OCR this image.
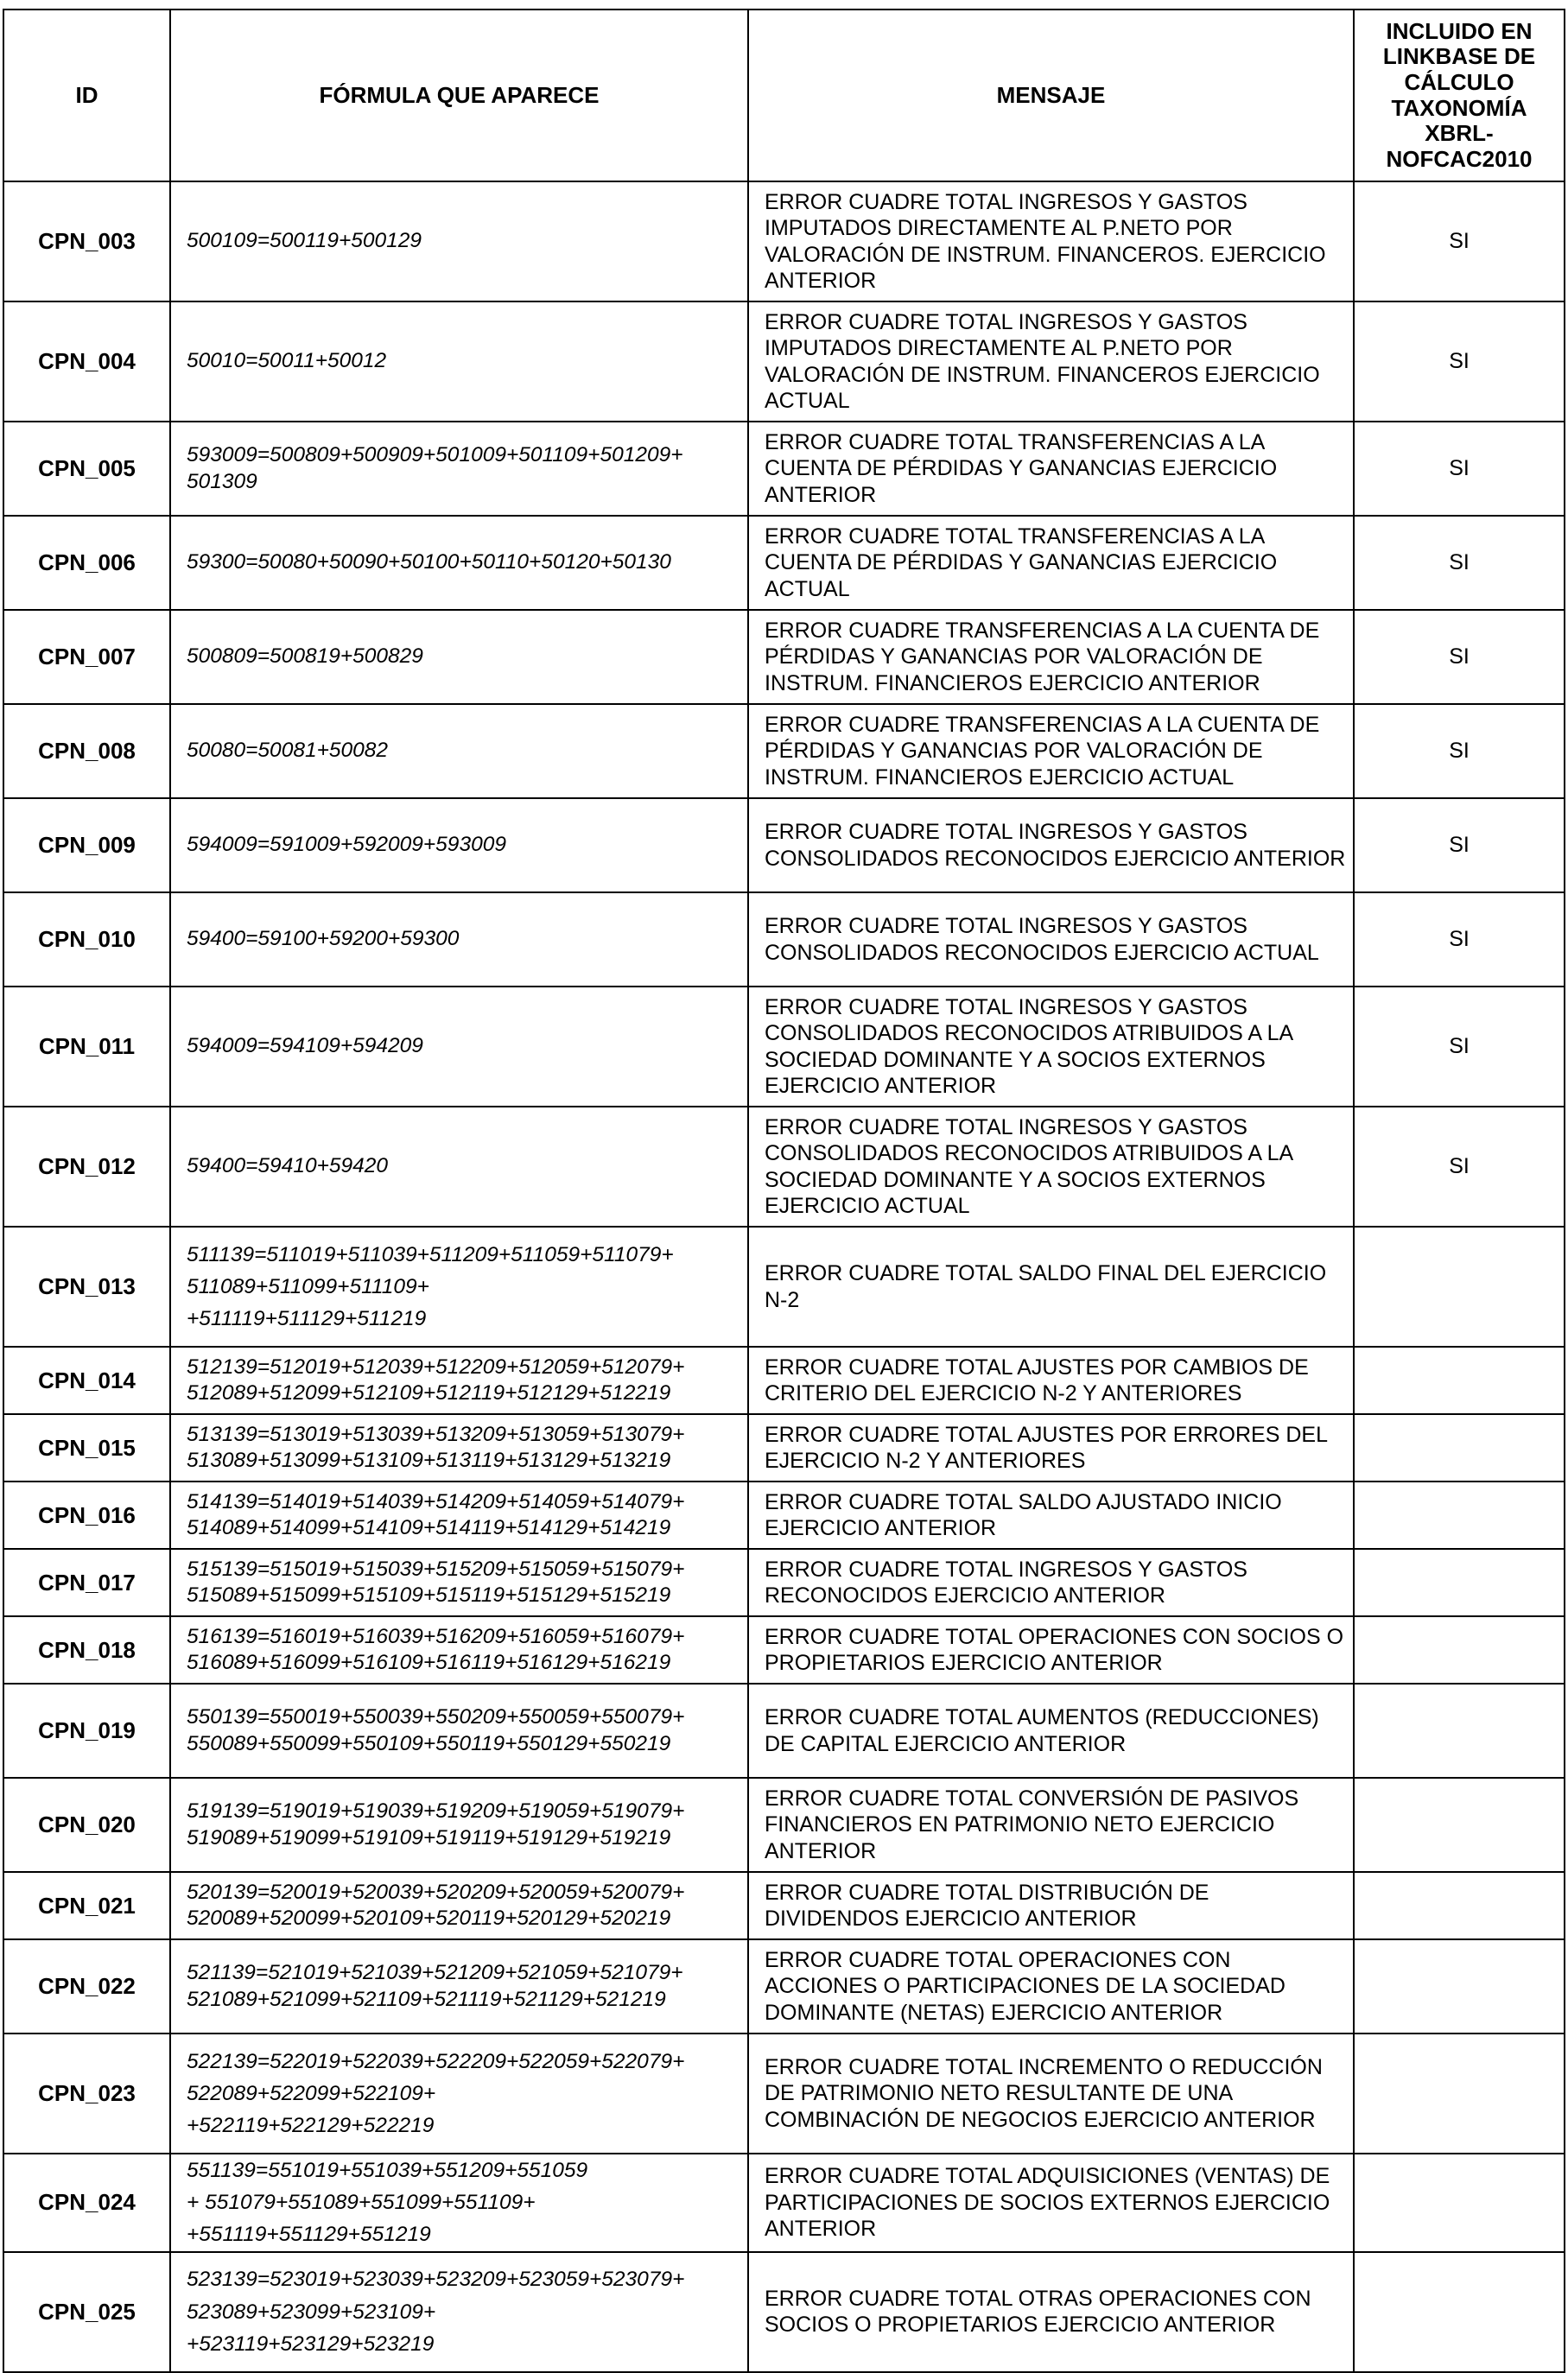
ID	FÓRMULA QUE APARECE	MENSAJE	INCLUIDO EN LINKBASE DE CÁLCULO TAXONOMÍA XBRL-NOFCAC2010
CPN_003	500109=500119+500129	ERROR CUADRE TOTAL INGRESOS Y GASTOS IMPUTADOS DIRECTAMENTE AL P.NETO POR VALORACIÓN DE INSTRUM. FINANCEROS. EJERCICIO ANTERIOR	SI
CPN_004	50010=50011+50012	ERROR CUADRE TOTAL INGRESOS Y GASTOS IMPUTADOS DIRECTAMENTE AL P.NETO POR VALORACIÓN DE INSTRUM. FINANCEROS EJERCICIO ACTUAL	SI
CPN_005	593009=500809+500909+501009+501109+501209+
501309	ERROR CUADRE TOTAL TRANSFERENCIAS A LA CUENTA DE PÉRDIDAS Y GANANCIAS EJERCICIO ANTERIOR	SI
CPN_006	59300=50080+50090+50100+50110+50120+50130	ERROR CUADRE TOTAL TRANSFERENCIAS A LA CUENTA DE PÉRDIDAS Y GANANCIAS EJERCICIO ACTUAL	SI
CPN_007	500809=500819+500829	ERROR CUADRE TRANSFERENCIAS A LA CUENTA DE PÉRDIDAS Y GANANCIAS POR VALORACIÓN DE INSTRUM. FINANCIEROS EJERCICIO ANTERIOR	SI
CPN_008	50080=50081+50082	ERROR CUADRE TRANSFERENCIAS A LA CUENTA DE PÉRDIDAS Y GANANCIAS POR VALORACIÓN DE INSTRUM. FINANCIEROS EJERCICIO ACTUAL	SI
CPN_009	594009=591009+592009+593009	ERROR CUADRE TOTAL INGRESOS Y GASTOS CONSOLIDADOS RECONOCIDOS EJERCICIO ANTERIOR	SI
CPN_010	59400=59100+59200+59300	ERROR CUADRE TOTAL INGRESOS Y GASTOS CONSOLIDADOS RECONOCIDOS EJERCICIO ACTUAL	SI
CPN_011	594009=594109+594209	ERROR CUADRE TOTAL INGRESOS Y GASTOS CONSOLIDADOS RECONOCIDOS ATRIBUIDOS A LA SOCIEDAD DOMINANTE Y A SOCIOS EXTERNOS EJERCICIO ANTERIOR	SI
CPN_012	59400=59410+59420	ERROR CUADRE TOTAL INGRESOS Y GASTOS CONSOLIDADOS RECONOCIDOS ATRIBUIDOS A LA SOCIEDAD DOMINANTE Y A SOCIOS EXTERNOS EJERCICIO ACTUAL	SI
CPN_013	511139=511019+511039+511209+511059+511079+
511089+511099+511109+
+511119+511129+511219	ERROR CUADRE TOTAL SALDO FINAL DEL EJERCICIO N-2	
CPN_014	512139=512019+512039+512209+512059+512079+
512089+512099+512109+512119+512129+512219	ERROR CUADRE TOTAL AJUSTES POR CAMBIOS DE CRITERIO DEL EJERCICIO N-2 Y ANTERIORES	
CPN_015	513139=513019+513039+513209+513059+513079+
513089+513099+513109+513119+513129+513219	ERROR CUADRE TOTAL AJUSTES POR ERRORES DEL EJERCICIO N-2 Y ANTERIORES	
CPN_016	514139=514019+514039+514209+514059+514079+
514089+514099+514109+514119+514129+514219	ERROR CUADRE TOTAL SALDO AJUSTADO INICIO EJERCICIO ANTERIOR	
CPN_017	515139=515019+515039+515209+515059+515079+
515089+515099+515109+515119+515129+515219	ERROR CUADRE TOTAL INGRESOS Y GASTOS RECONOCIDOS EJERCICIO ANTERIOR	
CPN_018	516139=516019+516039+516209+516059+516079+
516089+516099+516109+516119+516129+516219	ERROR CUADRE TOTAL OPERACIONES CON SOCIOS O PROPIETARIOS EJERCICIO ANTERIOR	
CPN_019	550139=550019+550039+550209+550059+550079+
550089+550099+550109+550119+550129+550219	ERROR CUADRE TOTAL AUMENTOS (REDUCCIONES) DE CAPITAL EJERCICIO ANTERIOR	
CPN_020	519139=519019+519039+519209+519059+519079+
519089+519099+519109+519119+519129+519219	ERROR CUADRE TOTAL CONVERSIÓN DE PASIVOS FINANCIEROS EN PATRIMONIO NETO EJERCICIO ANTERIOR	
CPN_021	520139=520019+520039+520209+520059+520079+
520089+520099+520109+520119+520129+520219	ERROR CUADRE TOTAL DISTRIBUCIÓN DE DIVIDENDOS EJERCICIO ANTERIOR	
CPN_022	521139=521019+521039+521209+521059+521079+
521089+521099+521109+521119+521129+521219	ERROR CUADRE TOTAL OPERACIONES CON ACCIONES O PARTICIPACIONES DE LA SOCIEDAD DOMINANTE (NETAS) EJERCICIO ANTERIOR	
CPN_023	522139=522019+522039+522209+522059+522079+
522089+522099+522109+
+522119+522129+522219	ERROR CUADRE TOTAL INCREMENTO O REDUCCIÓN DE PATRIMONIO NETO RESULTANTE DE UNA COMBINACIÓN DE NEGOCIOS EJERCICIO ANTERIOR	
CPN_024	551139=551019+551039+551209+551059
+ 551079+551089+551099+551109+
+551119+551129+551219	ERROR CUADRE TOTAL ADQUISICIONES (VENTAS) DE PARTICIPACIONES DE SOCIOS EXTERNOS EJERCICIO ANTERIOR	
CPN_025	523139=523019+523039+523209+523059+523079+
523089+523099+523109+
+523119+523129+523219	ERROR CUADRE TOTAL OTRAS OPERACIONES CON SOCIOS O PROPIETARIOS EJERCICIO ANTERIOR	
